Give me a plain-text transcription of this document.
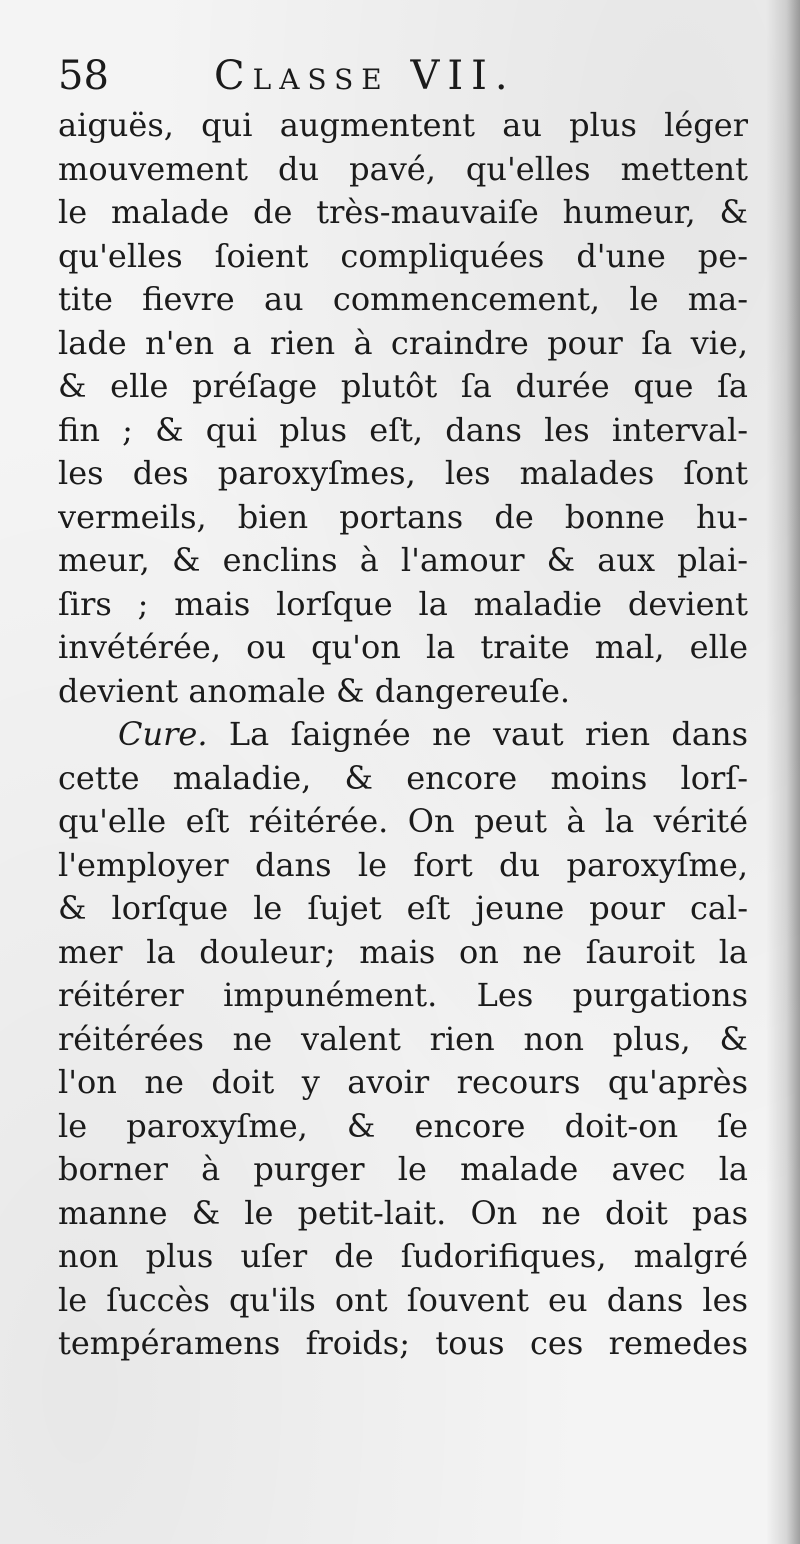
58	Classe VII.
aiguës, qui augmentent au plus léger
mouvement du pavé, qu'elles mettent
le malade de très-mauvaiſe humeur, &
qu'elles ſoient compliquées d'une pe-
tite fievre au commencement, le ma-
lade n'en a rien à craindre pour ſa vie,
& elle préſage plutôt ſa durée que ſa
fin ; & qui plus eſt, dans les interval-
les des paroxyſmes, les malades ſont
vermeils, bien portans de bonne hu-
meur, & enclins à l'amour & aux plai-
ſirs ; mais lorſque la maladie devient
invétérée, ou qu'on la traite mal, elle
devient anomale & dangereuſe.
Cure. La ſaignée ne vaut rien dans
cette maladie, & encore moins lorſ-
qu'elle eſt réitérée. On peut à la vérité
l'employer dans le fort du paroxyſme,
& lorſque le ſujet eſt jeune pour cal-
mer la douleur; mais on ne ſauroit la
réitérer impunément. Les purgations
réitérées ne valent rien non plus, &
l'on ne doit y avoir recours qu'après
le paroxyſme, & encore doit-on ſe
borner à purger le malade avec la
manne & le petit-lait. On ne doit pas
non plus uſer de ſudorifiques, malgré
le ſuccès qu'ils ont ſouvent eu dans les
tempéramens froids; tous ces remedes
